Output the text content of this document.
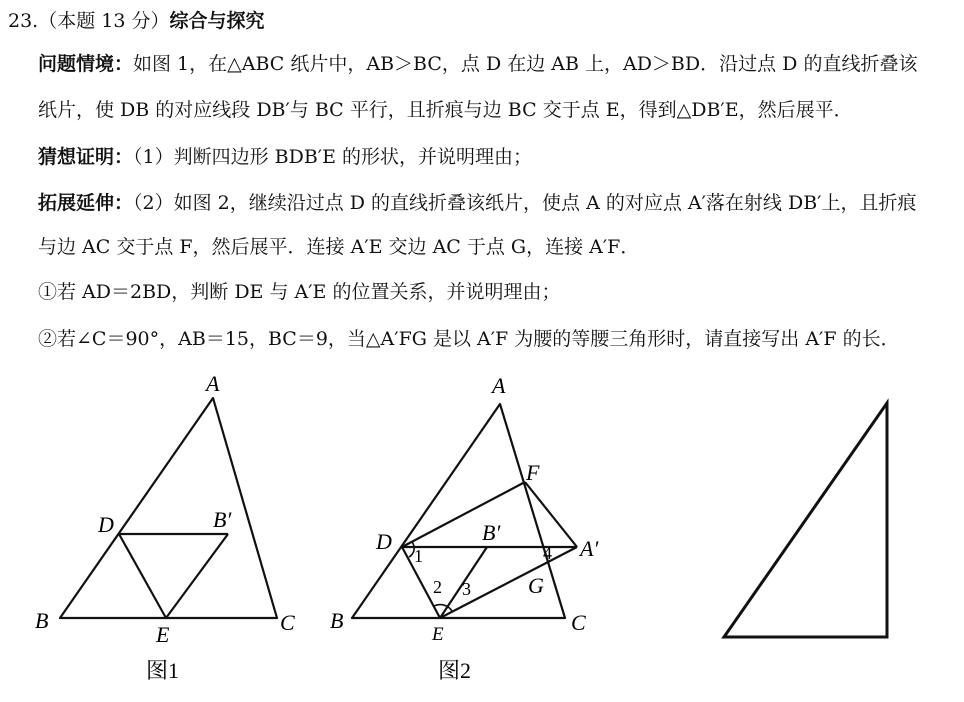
23.（本题 13 分）综合与探究
问题情境：如图 1，在△ABC 纸片中，AB＞BC，点 D 在边 AB 上，AD＞BD．沿过点 D 的直线折叠该
纸片，使 DB 的对应线段 DB′与 BC 平行，且折痕与边 BC 交于点 E，得到△DB′E，然后展平．
猜想证明：（1）判断四边形 BDB′E 的形状，并说明理由；
拓展延伸：（2）如图 2，继续沿过点 D 的直线折叠该纸片，使点 A 的对应点 A′落在射线 DB′上，且折痕
与边 AC 交于点 F，然后展平．连接 A′E 交边 AC 于点 G，连接 A′F．
①若 AD＝2BD，判断 DE 与 A′E 的位置关系，并说明理由；
②若∠C＝90°，AB＝15，BC＝9，当△A′FG 是以 A′F 为腰的等腰三角形时，请直接写出 A′F 的长．
A
B	C
D
E
B′
图1
A
B	C
D
E
F
G
B′
A′
1
2 3
4
图2
